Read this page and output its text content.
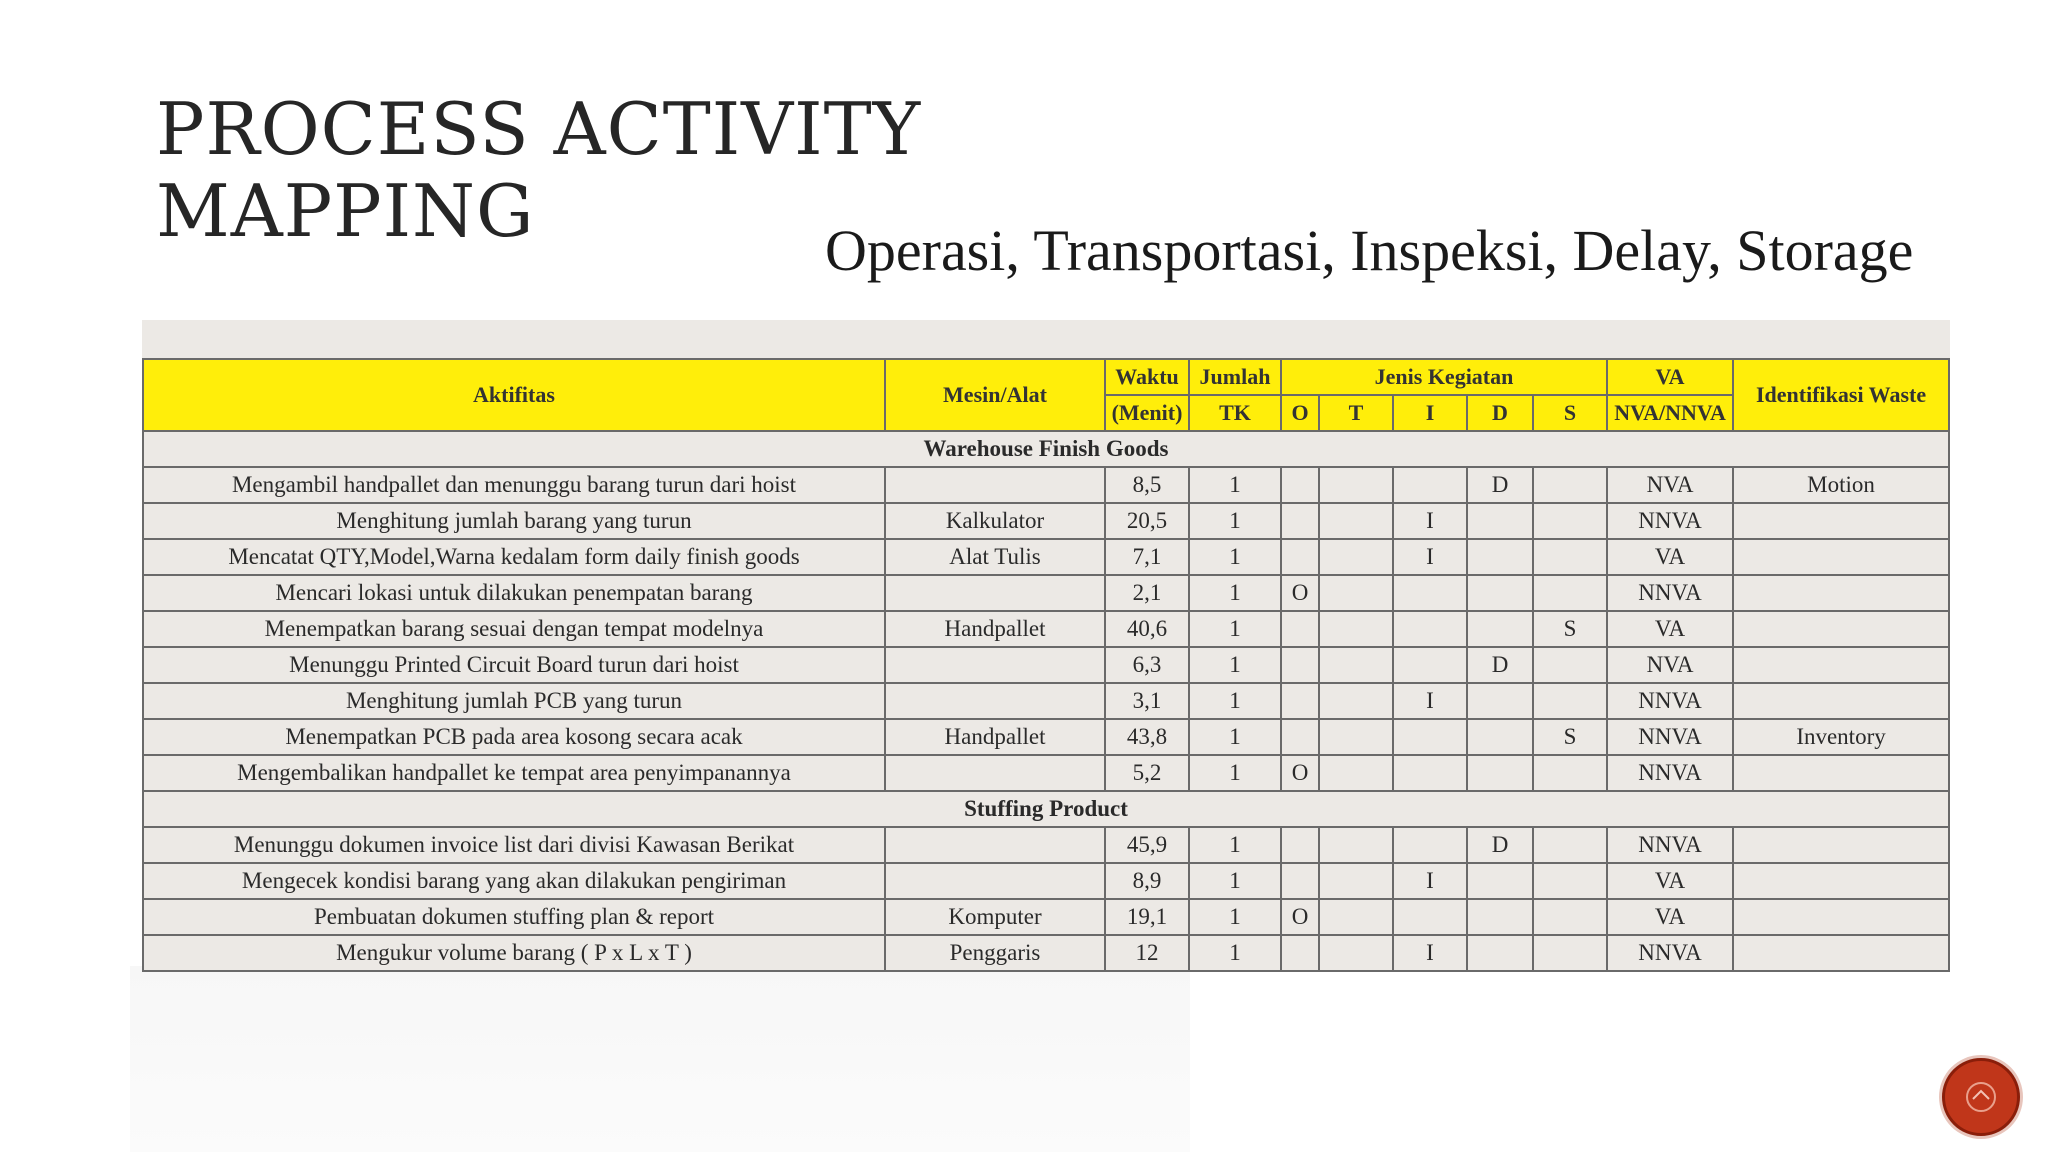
PROCESS ACTIVITY
MAPPING	Operasi, Transportasi, Inspeksi, Delay, Storage
Aktifitas	Mesin/Alat	Waktu	Jumlah	Jenis Kegiatan					VA	Identifikasi Waste
		(Menit)	TK	O	T	I	D	S	NVA/NNVA	
Warehouse Finish Goods										
Mengambil handpallet dan menunggu barang turun dari hoist		8,5	1				D		NVA	Motion
Menghitung jumlah barang yang turun	Kalkulator	20,5	1			I			NNVA	
Mencatat QTY,Model,Warna kedalam form daily finish goods	Alat Tulis	7,1	1			I			VA	
Mencari lokasi untuk dilakukan penempatan barang		2,1	1	O					NNVA	
Menempatkan barang sesuai dengan tempat modelnya	Handpallet	40,6	1					S	VA	
Menunggu Printed Circuit Board turun dari hoist		6,3	1				D		NVA	
Menghitung jumlah PCB yang turun		3,1	1			I			NNVA	
Menempatkan PCB pada area kosong secara acak	Handpallet	43,8	1					S	NNVA	Inventory
Mengembalikan handpallet ke tempat area penyimpanannya		5,2	1	O					NNVA	
Stuffing Product										
Menunggu dokumen invoice list dari divisi Kawasan Berikat		45,9	1				D		NNVA	
Mengecek kondisi barang yang akan dilakukan pengiriman		8,9	1			I			VA	
Pembuatan dokumen stuffing plan & report	Komputer	19,1	1	O					VA	
Mengukur volume barang ( P x L x T )	Penggaris	12	1			I			NNVA	
